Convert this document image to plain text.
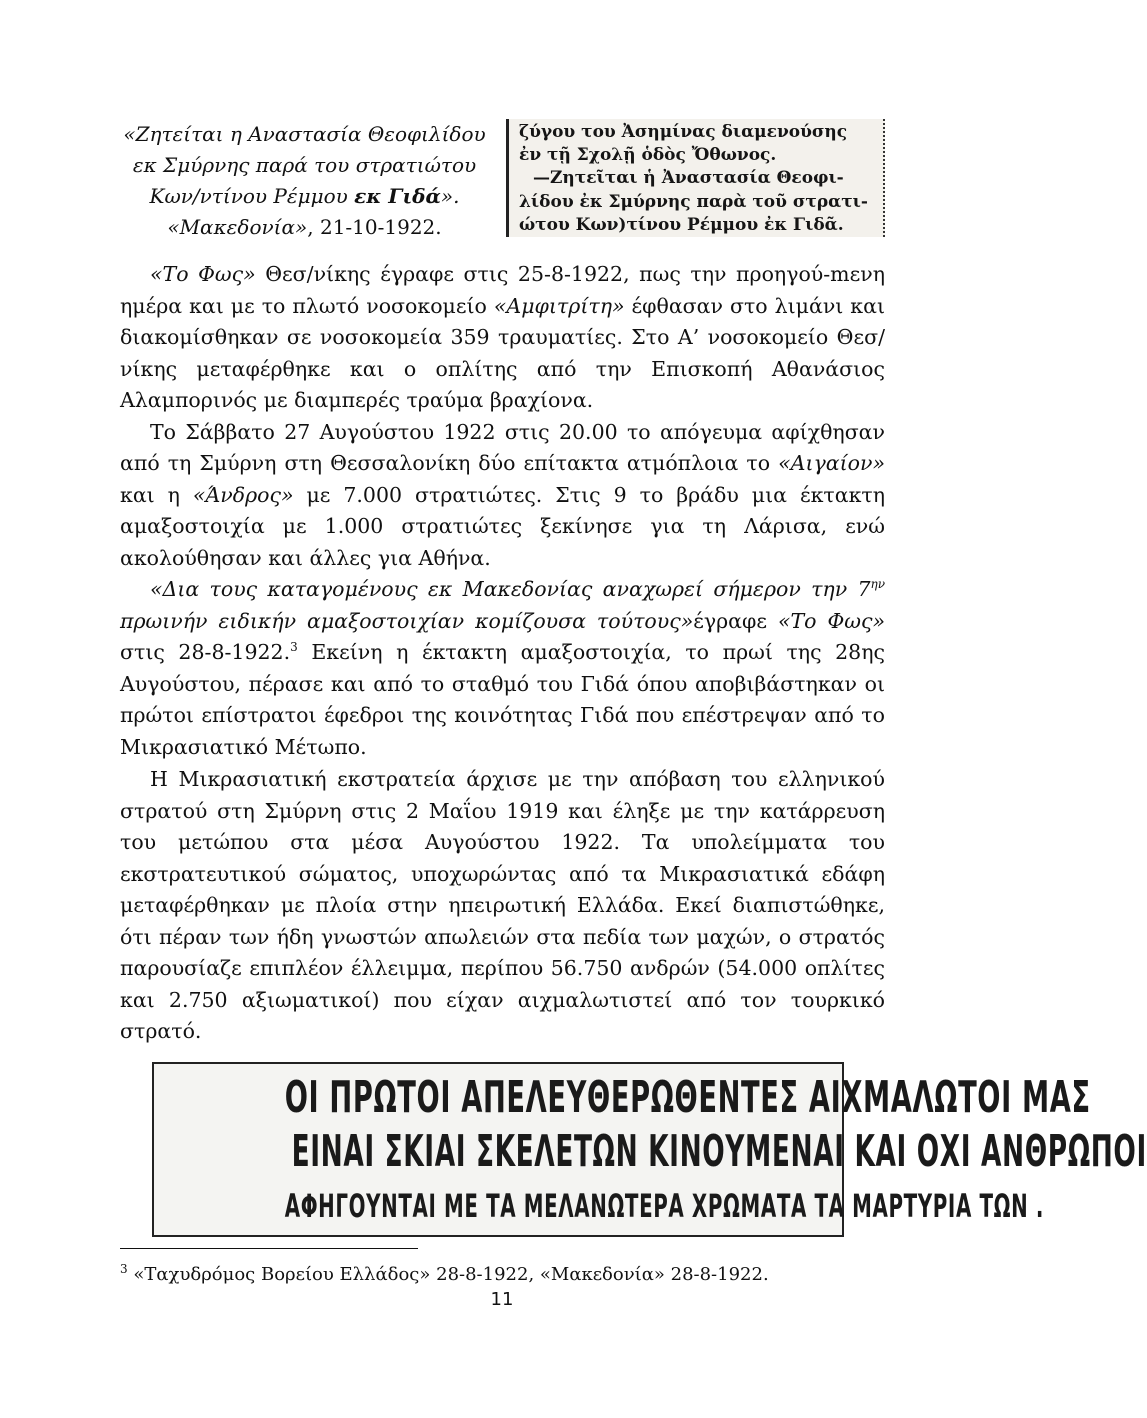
«Ζητείται η Αναστασία Θεοφιλίδου
εκ Σμύρνης παρά του στρατιώτου
Κων/ντίνου Ρέμμου εκ Γιδά».
«Μακεδονία», 21-10-1922.
ζύγου του Ἀσημίνας διαμενούσης
ἐν τῇ Σχολῇ ὁδὸς Ὄθωνος.
—Ζητεῖται ἡ Ἀναστασία Θεοφι-
λίδου ἐκ Σμύρνης παρὰ τοῦ στρατι-
ώτου Κων)τίνου Ρέμμου ἐκ Γιδᾶ.

«Το Φως» Θεσ/νίκης έγραφε στις 25-8-1922, πως την προηγού-mενη ημέρα και με το πλωτό νοσοκομείο «Αμφιτρίτη» έφθασαν στο λιμάνι και διακομίσθηκαν σε νοσοκομεία 359 τραυματίες. Στο Α’ νοσοκομείο Θεσ/νίκης μεταφέρθηκε και ο οπλίτης από την Επισκοπή Αθανάσιος Αλαμπορινός με διαμπερές τραύμα βραχίονα.

Το Σάββατο 27 Αυγούστου 1922 στις 20.00 το απόγευμα αφίχθησαν από τη Σμύρνη στη Θεσσαλονίκη δύο επίτακτα ατμόπλοια το «Αιγαίον» και η «Άνδρος» με 7.000 στρατιώτες. Στις 9 το βράδυ μια έκτακτη αμαξοστοιχία με 1.000 στρατιώτες ξεκίνησε για τη Λάρισα, ενώ ακολούθησαν και άλλες για Αθήνα.

«Δια τους καταγομένους εκ Μακεδονίας αναχωρεί σήμερον την $7^{\eta\nu}$ πρωινήν ειδικήν αμαξοστοιχίαν κομίζουσα τούτους»έγραφε «Το Φως» στις 28-8-1922.$^3$ Εκείνη η έκτακτη αμαξοστοιχία, το πρωί της 28ης Αυγούστου, πέρασε και από το σταθμό του Γιδά όπου αποβιβάστηκαν οι πρώτοι επίστρατοι έφεδροι της κοινότητας Γιδά που επέστρεψαν από το Μικρασιατικό Μέτωπο.

Η Μικρασιατική εκστρατεία άρχισε με την απόβαση του ελληνικού στρατού στη Σμύρνη στις 2 Μαΐου 1919 και έληξε με την κατάρρευση του μετώπου στα μέσα Αυγούστου 1922. Τα υπολείμματα του εκστρατευτικού σώματος, υποχωρώντας από τα Μικρασιατικά εδάφη μεταφέρθηκαν με πλοία στην ηπειρωτική Ελλάδα. Εκεί διαπιστώθηκε, ότι πέραν των ήδη γνωστών απωλειών στα πεδία των μαχών, ο στρατός παρουσίαζε επιπλέον έλλειμμα, περίπου 56.750 ανδρών (54.000 οπλίτες και 2.750 αξιωματικοί) που είχαν αιχμαλωτιστεί από τον τουρκικό στρατό.

ΟΙ ΠΡΩΤΟΙ ΑΠΕΛΕΥΘΕΡΩΘΕΝΤΕΣ ΑΙΧΜΑΛΩΤΟΙ ΜΑΣ
ΕΙΝΑΙ ΣΚΙΑΙ ΣΚΕΛΕΤΩΝ ΚΙΝΟΥΜΕΝΑΙ ΚΑΙ ΟΧΙ ΑΝΘΡΩΠΟΙ
ΑΦΗΓΟΥΝΤΑΙ ΜΕ ΤΑ ΜΕΛΑΝΩΤΕΡΑ ΧΡΩΜΑΤΑ ΤΑ ΜΑΡΤΥΡΙΑ ΤΩΝ .
$^3$ «Ταχυδρόμος Βορείου Ελλάδος» 28-8-1922, «Μακεδονία» 28-8-1922.
11
